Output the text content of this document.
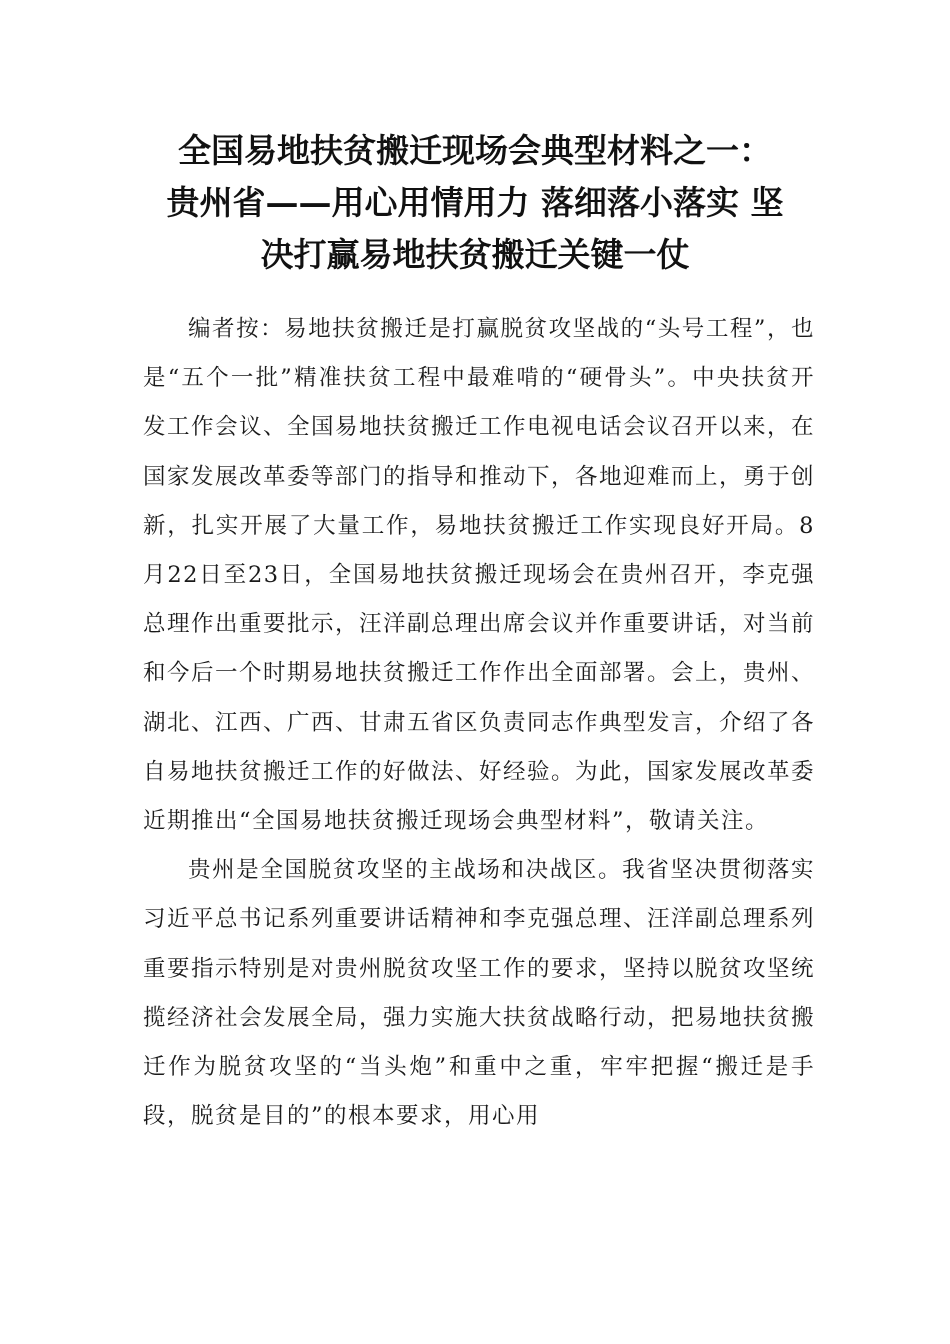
全国易地扶贫搬迁现场会典型材料之一：
贵州省——用心用情用力 落细落小落实 坚
决打赢易地扶贫搬迁关键一仗

编者按：易地扶贫搬迁是打赢脱贫攻坚战的“头号工程”，也是“五个一批”精准扶贫工程中最难啃的“硬骨头”。中央扶贫开发工作会议、全国易地扶贫搬迁工作电视电话会议召开以来，在国家发展改革委等部门的指导和推动下，各地迎难而上，勇于创新，扎实开展了大量工作，易地扶贫搬迁工作实现良好开局。8月22日至23日，全国易地扶贫搬迁现场会在贵州召开，李克强总理作出重要批示，汪洋副总理出席会议并作重要讲话，对当前和今后一个时期易地扶贫搬迁工作作出全面部署。会上，贵州、湖北、江西、广西、甘肃五省区负责同志作典型发言，介绍了各自易地扶贫搬迁工作的好做法、好经验。为此，国家发展改革委近期推出“全国易地扶贫搬迁现场会典型材料”，敬请关注。

贵州是全国脱贫攻坚的主战场和决战区。我省坚决贯彻落实习近平总书记系列重要讲话精神和李克强总理、汪洋副总理系列重要指示特别是对贵州脱贫攻坚工作的要求，坚持以脱贫攻坚统揽经济社会发展全局，强力实施大扶贫战略行动，把易地扶贫搬迁作为脱贫攻坚的“当头炮”和重中之重，牢牢把握“搬迁是手段，脱贫是目的”的根本要求，用心用
